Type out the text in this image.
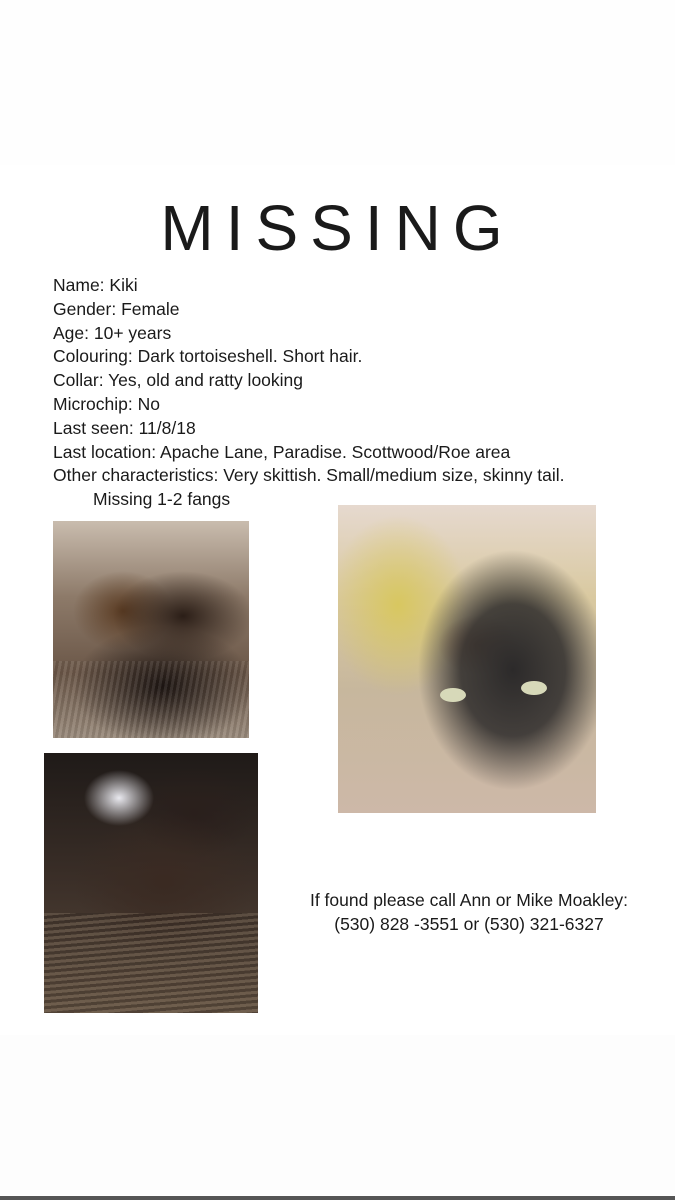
MISSING
Name: Kiki
Gender: Female
Age: 10+ years
Colouring: Dark tortoiseshell. Short hair.
Collar: Yes, old and ratty looking
Microchip: No
Last seen: 11/8/18
Last location: Apache Lane, Paradise. Scottwood/Roe area
Other characteristics: Very skittish. Small/medium size, skinny tail.
Missing 1-2 fangs
If found please call Ann or Mike Moakley:
(530) 828 -3551 or (530) 321-6327
